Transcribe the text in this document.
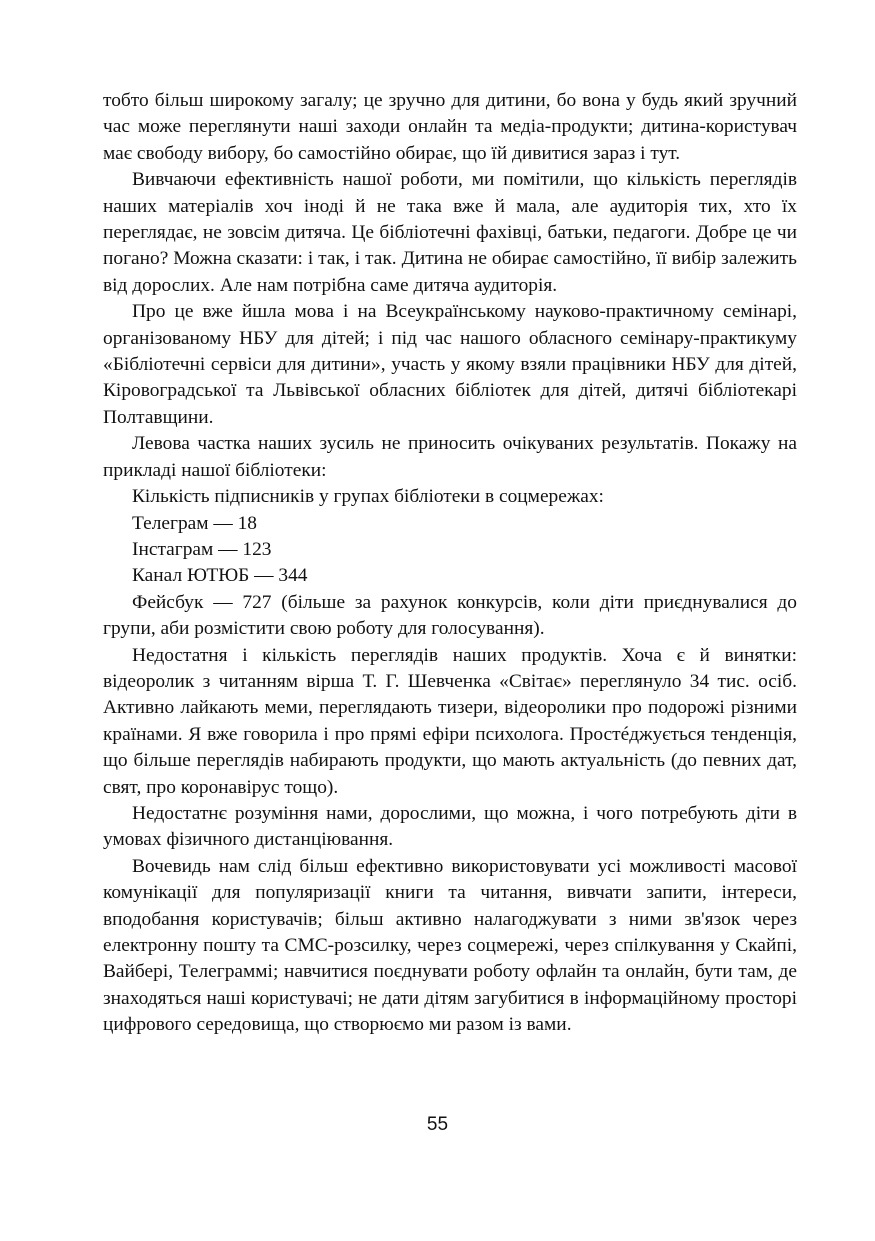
тобто більш широкому загалу; це зручно для дитини, бо вона у будь який зручний час може переглянути наші заходи онлайн та медіа-продукти; дитина-користувач має свободу вибору, бо самостійно обирає, що їй дивитися зараз і тут.

Вивчаючи ефективність нашої роботи, ми помітили, що кількість переглядів наших матеріалів хоч іноді й не така вже й мала, але аудиторія тих, хто їх переглядає, не зовсім дитяча. Це бібліотечні фахівці, батьки, педагоги. Добре це чи погано? Можна сказати: і так, і так. Дитина не обирає самостійно, її вибір залежить від дорослих. Але нам потрібна саме дитяча аудиторія.

Про це вже йшла мова і на Всеукраїнському науково-практичному семінарі, організованому НБУ для дітей; і під час нашого обласного семінару-практикуму «Бібліотечні сервіси для дитини», участь у якому взяли працівники НБУ для дітей, Кіровоградської та Львівської обласних бібліотек для дітей, дитячі бібліотекарі Полтавщини.

Левова частка наших зусиль не приносить очікуваних результатів. Покажу на прикладі нашої бібліотеки:

Кількість підписників у групах бібліотеки в соцмережах:

Телеграм — 18

Інстаграм — 123

Канал ЮТЮБ — 344

Фейсбук — 727 (більше за рахунок конкурсів, коли діти приєднувалися до групи, аби розмістити свою роботу для голосування).

Недостатня і кількість переглядів наших продуктів. Хоча є й винятки: відеоролик з читанням вірша Т. Г. Шевченка «Світає» переглянуло 34 тис. осіб. Активно лайкають меми, переглядають тизери, відеоролики про подорожі різними країнами. Я вже говорила і про прямі ефіри психолога. Простéджується тенденція, що більше переглядів набирають продукти, що мають актуальність (до певних дат, свят, про коронавірус тощо).

Недостатнє розуміння нами, дорослими, що можна, і чого потребують діти в умовах фізичного дистанціювання.

Вочевидь нам слід більш ефективно використовувати усі можливості масової комунікації для популяризації книги та читання, вивчати запити, інтереси, вподобання користувачів; більш активно налагоджувати з ними зв'язок через електронну пошту та СМС-розсилку, через соцмережі, через спілкування у Скайпі, Вайбері, Телеграммі; навчитися поєднувати роботу офлайн та онлайн, бути там, де знаходяться наші користувачі; не дати дітям загубитися в інформаційному просторі цифрового середовища, що створюємо ми разом із вами.

55
